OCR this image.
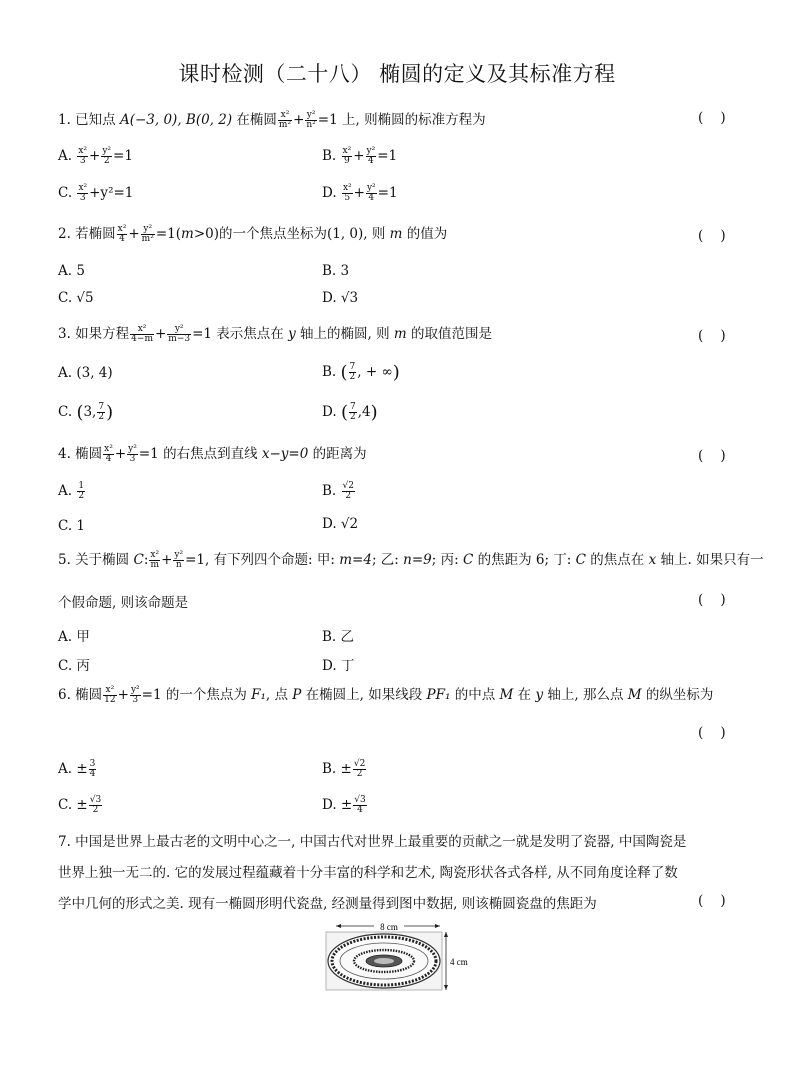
课时检测（二十八） 椭圆的定义及其标准方程
1. 已知点 A(−3, 0), B(0, 2) 在椭圆 $\frac{\text{x²}}{\text{m²}} + \frac{\text{y²}}{\text{n²}} =1$ 上, 则椭圆的标准方程为	(    )
A. $\frac{\text{x²}}{3} + \frac{\text{y²}}{2} =1$	B. $\frac{\text{x²}}{9} + \frac{\text{y²}}{4} =1$
C. $\frac{\text{x²}}{3} +y^2=1$	D. $\frac{\text{x²}}{5} + \frac{\text{y²}}{4} =1$
2. 若椭圆 $\frac{\text{x²}}{4} + \frac{\text{y²}}{\text{m²}} =1(m>0)$的一个焦点坐标为(1, 0), 则 m 的值为	(    )
A. 5	B. 3
C. √5	D. √3
3. 如果方程 $\frac{\text{x²}}{4-m} + \frac{\text{y²}}{m-3} =1$ 表示焦点在 y 轴上的椭圆, 则 m 的取值范围是	(    )
A. (3, 4)	B. ( $\frac{7}{2}$ , + ∞)
C. (3, $\frac{7}{2}$ )	D. ( $\frac{7}{2} ,4$)
4. 椭圆 $\frac{\text{x²}}{4} + \frac{\text{y²}}{3} =1$ 的右焦点到直线 x−y=0 的距离为	(    )
A. $\frac{1}{2}$	B. $\frac{√2}{2}$
C. 1	D. √2
5. 关于椭圆 C: $\frac{\text{x²}}{m} + \frac{\text{y²}}{n} =1$, 有下列四个命题: 甲: m=4; 乙: n=9; 丙: C 的焦距为 6; 丁: C 的焦点在 x 轴上. 如果只有一
个假命题, 则该命题是	(    )
A. 甲	B. 乙
C. 丙	D. 丁
6. 椭圆 $\frac{\text{x²}}{12} + \frac{\text{y²}}{3} =1$ 的一个焦点为 F₁, 点 P 在椭圆上, 如果线段 PF₁ 的中点 M 在 y 轴上, 那么点 M 的纵坐标为
(    )
A. ± $\frac{3}{4}$	B. ± $\frac{√2}{2}$
C. ± $\frac{√3}{2}$	D. ± $\frac{√3}{4}$
7. 中国是世界上最古老的文明中心之一, 中国古代对世界上最重要的贡献之一就是发明了瓷器, 中国陶瓷是
世界上独一无二的. 它的发展过程蕴藏着十分丰富的科学和艺术, 陶瓷形状各式各样, 从不同角度诠释了数
学中几何的形式之美. 现有一椭圆形明代瓷盘, 经测量得到图中数据, 则该椭圆瓷盘的焦距为	(    )
8 cm
4 cm
